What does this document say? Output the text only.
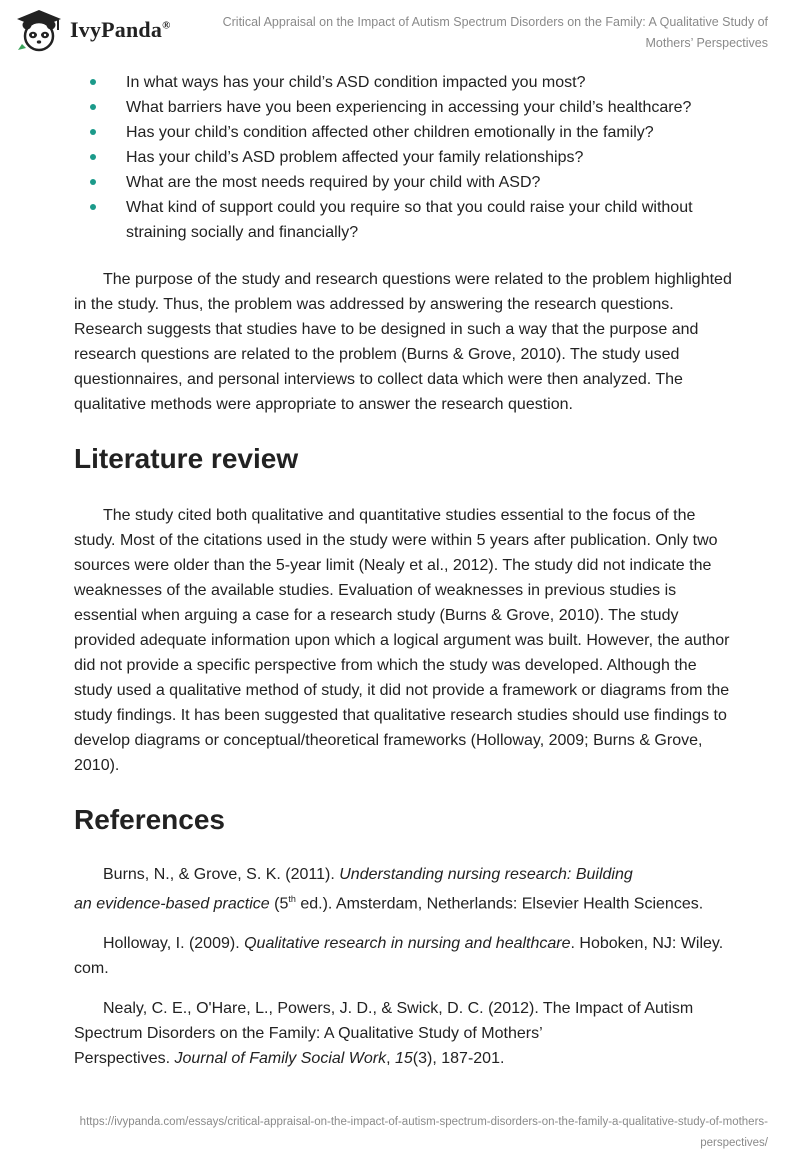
IvyPanda®	Critical Appraisal on the Impact of Autism Spectrum Disorders on the Family: A Qualitative Study of Mothers’ Perspectives
In what ways has your child’s ASD condition impacted you most?
What barriers have you been experiencing in accessing your child’s healthcare?
Has your child’s condition affected other children emotionally in the family?
Has your child’s ASD problem affected your family relationships?
What are the most needs required by your child with ASD?
What kind of support could you require so that you could raise your child without straining socially and financially?

The purpose of the study and research questions were related to the problem highlighted in the study. Thus, the problem was addressed by answering the research questions. Research suggests that studies have to be designed in such a way that the purpose and research questions are related to the problem (Burns & Grove, 2010). The study used questionnaires, and personal interviews to collect data which were then analyzed. The qualitative methods were appropriate to answer the research question.

Literature review

The study cited both qualitative and quantitative studies essential to the focus of the study. Most of the citations used in the study were within 5 years after publication. Only two sources were older than the 5-year limit (Nealy et al., 2012). The study did not indicate the weaknesses of the available studies. Evaluation of weaknesses in previous studies is essential when arguing a case for a research study (Burns & Grove, 2010). The study provided adequate information upon which a logical argument was built. However, the author did not provide a specific perspective from which the study was developed. Although the study used a qualitative method of study, it did not provide a framework or diagrams from the study findings. It has been suggested that qualitative research studies should use findings to develop diagrams or conceptual/theoretical frameworks (Holloway, 2009; Burns & Grove, 2010).

References

Burns, N., & Grove, S. K. (2011). Understanding nursing research: Building
an evidence-based practice (5th ed.). Amsterdam, Netherlands: Elsevier Health Sciences.

Holloway, I. (2009). Qualitative research in nursing and healthcare. Hoboken, NJ: Wiley. com.

Nealy, C. E., O'Hare, L., Powers, J. D., & Swick, D. C. (2012). The Impact of Autism Spectrum Disorders on the Family: A Qualitative Study of Mothers’
Perspectives. Journal of Family Social Work, 15(3), 187-201.

https://ivypanda.com/essays/critical-appraisal-on-the-impact-of-autism-spectrum-disorders-on-the-family-a-qualitative-study-of-mothers-perspectives/
